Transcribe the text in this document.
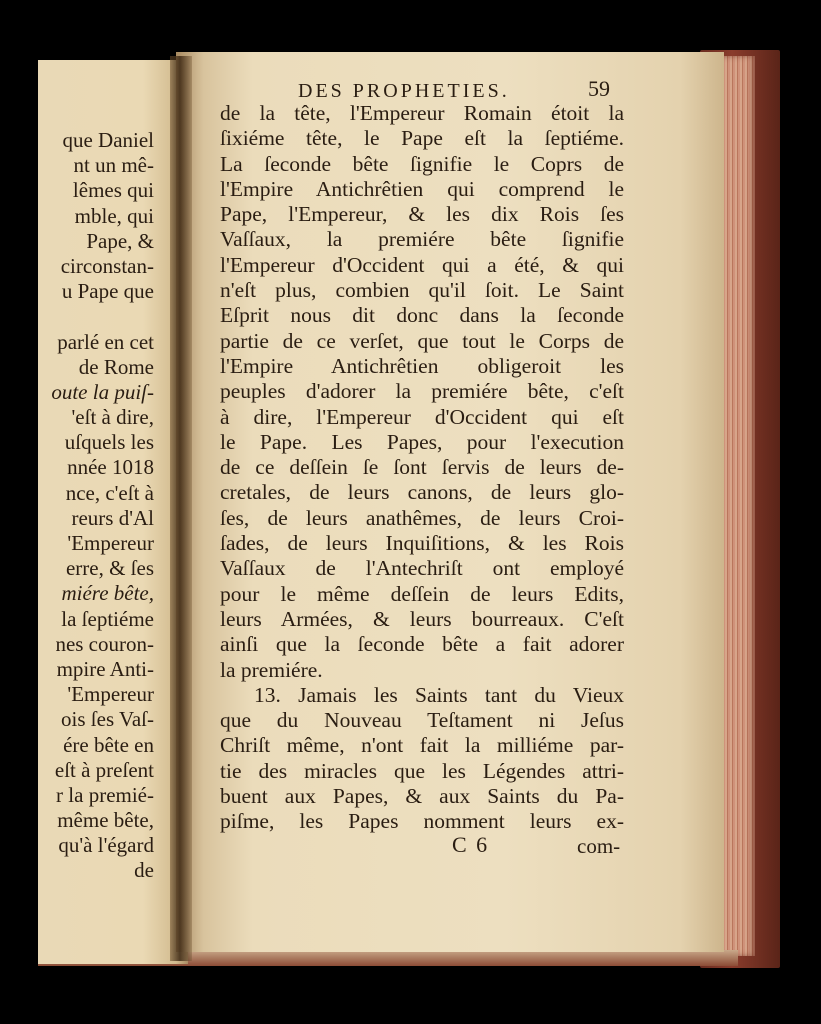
que Daniel
nt un mê-
lêmes qui
mble, qui
Pape, &
circonstan-
u Pape que
parlé en cet
de Rome
oute la puiſ-
'eſt à dire,
uſquels les
nnée 1018
nce, c'eſt à
reurs d'Al
'Empereur
erre, & ſes
miére bête,
la ſeptiéme
nes couron-
mpire Anti-
'Empereur
ois ſes Vaſ-
ére bête en
eſt à preſent
r la premié-
même bête,
qu'à l'égard
de
DES PROPHETIES.	59
de la tête, l'Empereur Romain étoit la
ſixiéme tête, le Pape eſt la ſeptiéme.
La ſeconde bête ſignifie le Coprs de
l'Empire Antichrêtien qui comprend le
Pape, l'Empereur, & les dix Rois ſes
Vaſſaux, la premiére bête ſignifie
l'Empereur d'Occident qui a été, & qui
n'eſt plus, combien qu'il ſoit. Le Saint
Eſprit nous dit donc dans la ſeconde
partie de ce verſet, que tout le Corps de
l'Empire Antichrêtien obligeroit les
peuples d'adorer la premiére bête, c'eſt
à dire, l'Empereur d'Occident qui eſt
le Pape. Les Papes, pour l'execution
de ce deſſein ſe ſont ſervis de leurs de-
cretales, de leurs canons, de leurs glo-
ſes, de leurs anathêmes, de leurs Croi-
ſades, de leurs Inquiſitions, & les Rois
Vaſſaux de l'Antechriſt ont employé
pour le même deſſein de leurs Edits,
leurs Armées, & leurs bourreaux. C'eſt
ainſi que la ſeconde bête a fait adorer
la premiére.
13. Jamais les Saints tant du Vieux
que du Nouveau Teſtament ni Jeſus
Chriſt même, n'ont fait la milliéme par-
tie des miracles que les Légendes attri-
buent aux Papes, & aux Saints du Pa-
piſme, les Papes nomment leurs ex-
C 6	com-
